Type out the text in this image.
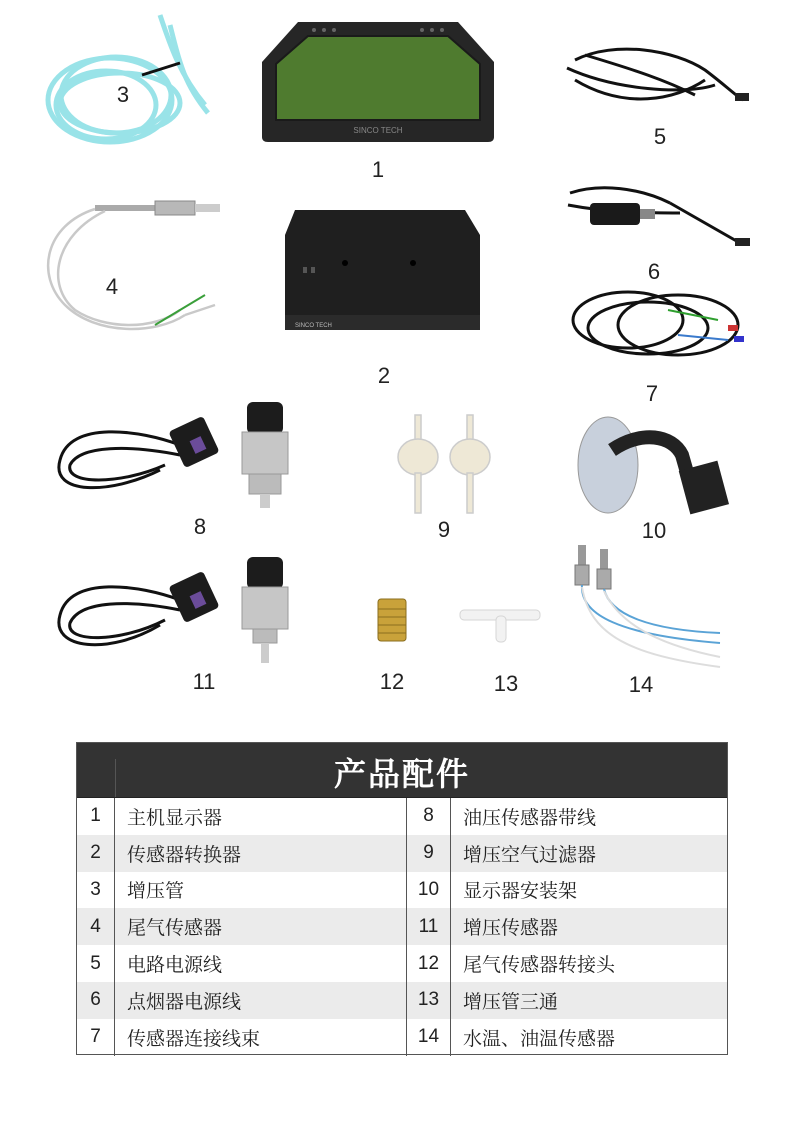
3
SINCO TECH
1
5
4
SINCO TECH
2
6
7
8	9	10
11	12	13	14
产品配件
1	主机显示器	8	油压传感器带线
2	传感器转换器	9	增压空气过滤器
3	增压管	10	显示器安装架
4	尾气传感器	11	增压传感器
5	电路电源线	12	尾气传感器转接头
6	点烟器电源线	13	增压管三通
7	传感器连接线束	14	水温、油温传感器
